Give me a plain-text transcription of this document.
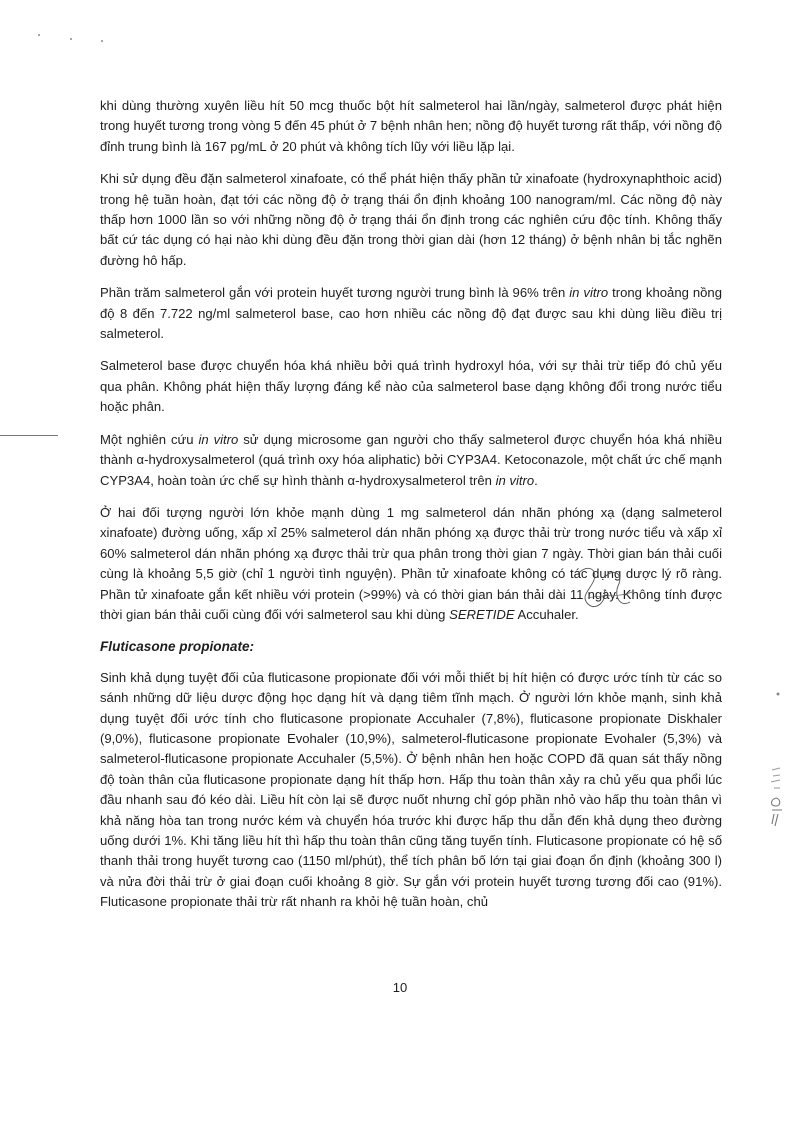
khi dùng thường xuyên liều hít 50 mcg thuốc bột hít salmeterol hai lần/ngày, salmeterol được phát hiện trong huyết tương trong vòng 5 đến 45 phút ở 7 bệnh nhân hen; nồng độ huyết tương rất thấp, với nồng độ đỉnh trung bình là 167 pg/mL ở 20 phút và không tích lũy với liều lặp lại.

Khi sử dụng đều đặn salmeterol xinafoate, có thể phát hiện thấy phần tử xinafoate (hydroxynaphthoic acid) trong hệ tuần hoàn, đạt tới các nồng độ ở trạng thái ổn định khoảng 100 nanogram/ml. Các nồng độ này thấp hơn 1000 lần so với những nồng độ ở trạng thái ổn định trong các nghiên cứu độc tính. Không thấy bất cứ tác dụng có hại nào khi dùng đều đặn trong thời gian dài (hơn 12 tháng) ở bệnh nhân bị tắc nghẽn đường hô hấp.

Phần trăm salmeterol gắn với protein huyết tương người trung bình là 96% trên in vitro trong khoảng nồng độ 8 đến 7.722 ng/ml salmeterol base, cao hơn nhiều các nồng độ đạt được sau khi dùng liều điều trị salmeterol.

Salmeterol base được chuyển hóa khá nhiều bởi quá trình hydroxyl hóa, với sự thải trừ tiếp đó chủ yếu qua phân. Không phát hiện thấy lượng đáng kể nào của salmeterol base dạng không đổi trong nước tiểu hoặc phân.

Một nghiên cứu in vitro sử dụng microsome gan người cho thấy salmeterol được chuyển hóa khá nhiều thành α-hydroxysalmeterol (quá trình oxy hóa aliphatic) bởi CYP3A4. Ketoconazole, một chất ức chế mạnh CYP3A4, hoàn toàn ức chế sự hình thành α-hydroxysalmeterol trên in vitro.

Ở hai đối tượng người lớn khỏe mạnh dùng 1 mg salmeterol dán nhãn phóng xạ (dạng salmeterol xinafoate) đường uống, xấp xỉ 25% salmeterol dán nhãn phóng xạ được thải trừ trong nước tiểu và xấp xỉ 60% salmeterol dán nhãn phóng xạ được thải trừ qua phân trong thời gian 7 ngày. Thời gian bán thải cuối cùng là khoảng 5,5 giờ (chỉ 1 người tình nguyện). Phần tử xinafoate không có tác dụng dược lý rõ ràng. Phần tử xinafoate gắn kết nhiều với protein (>99%) và có thời gian bán thải dài 11 ngày. Không tính được thời gian bán thải cuối cùng đối với salmeterol sau khi dùng SERETIDE Accuhaler.

Fluticasone propionate:

Sinh khả dụng tuyệt đối của fluticasone propionate đối với mỗi thiết bị hít hiện có được ước tính từ các so sánh những dữ liệu dược động học dạng hít và dạng tiêm tĩnh mạch. Ở người lớn khỏe mạnh, sinh khả dụng tuyệt đối ước tính cho fluticasone propionate Accuhaler (7,8%), fluticasone propionate Diskhaler (9,0%), fluticasone propionate Evohaler (10,9%), salmeterol-fluticasone propionate Evohaler (5,3%) và salmeterol-fluticasone propionate Accuhaler (5,5%). Ở bệnh nhân hen hoặc COPD đã quan sát thấy nồng độ toàn thân của fluticasone propionate dạng hít thấp hơn. Hấp thu toàn thân xảy ra chủ yếu qua phổi lúc đầu nhanh sau đó kéo dài. Liều hít còn lại sẽ được nuốt nhưng chỉ góp phần nhỏ vào hấp thu toàn thân vì khả năng hòa tan trong nước kém và chuyển hóa trước khi được hấp thu dẫn đến khả dụng theo đường uống dưới 1%. Khi tăng liều hít thì hấp thu toàn thân cũng tăng tuyến tính. Fluticasone propionate có hệ số thanh thải trong huyết tương cao (1150 ml/phút), thể tích phân bố lớn tại giai đoạn ổn định (khoảng 300 l) và nửa đời thải trừ ở giai đoạn cuối khoảng 8 giờ. Sự gắn với protein huyết tương tương đối cao (91%). Fluticasone propionate thải trừ rất nhanh ra khỏi hệ tuần hoàn, chủ

10
